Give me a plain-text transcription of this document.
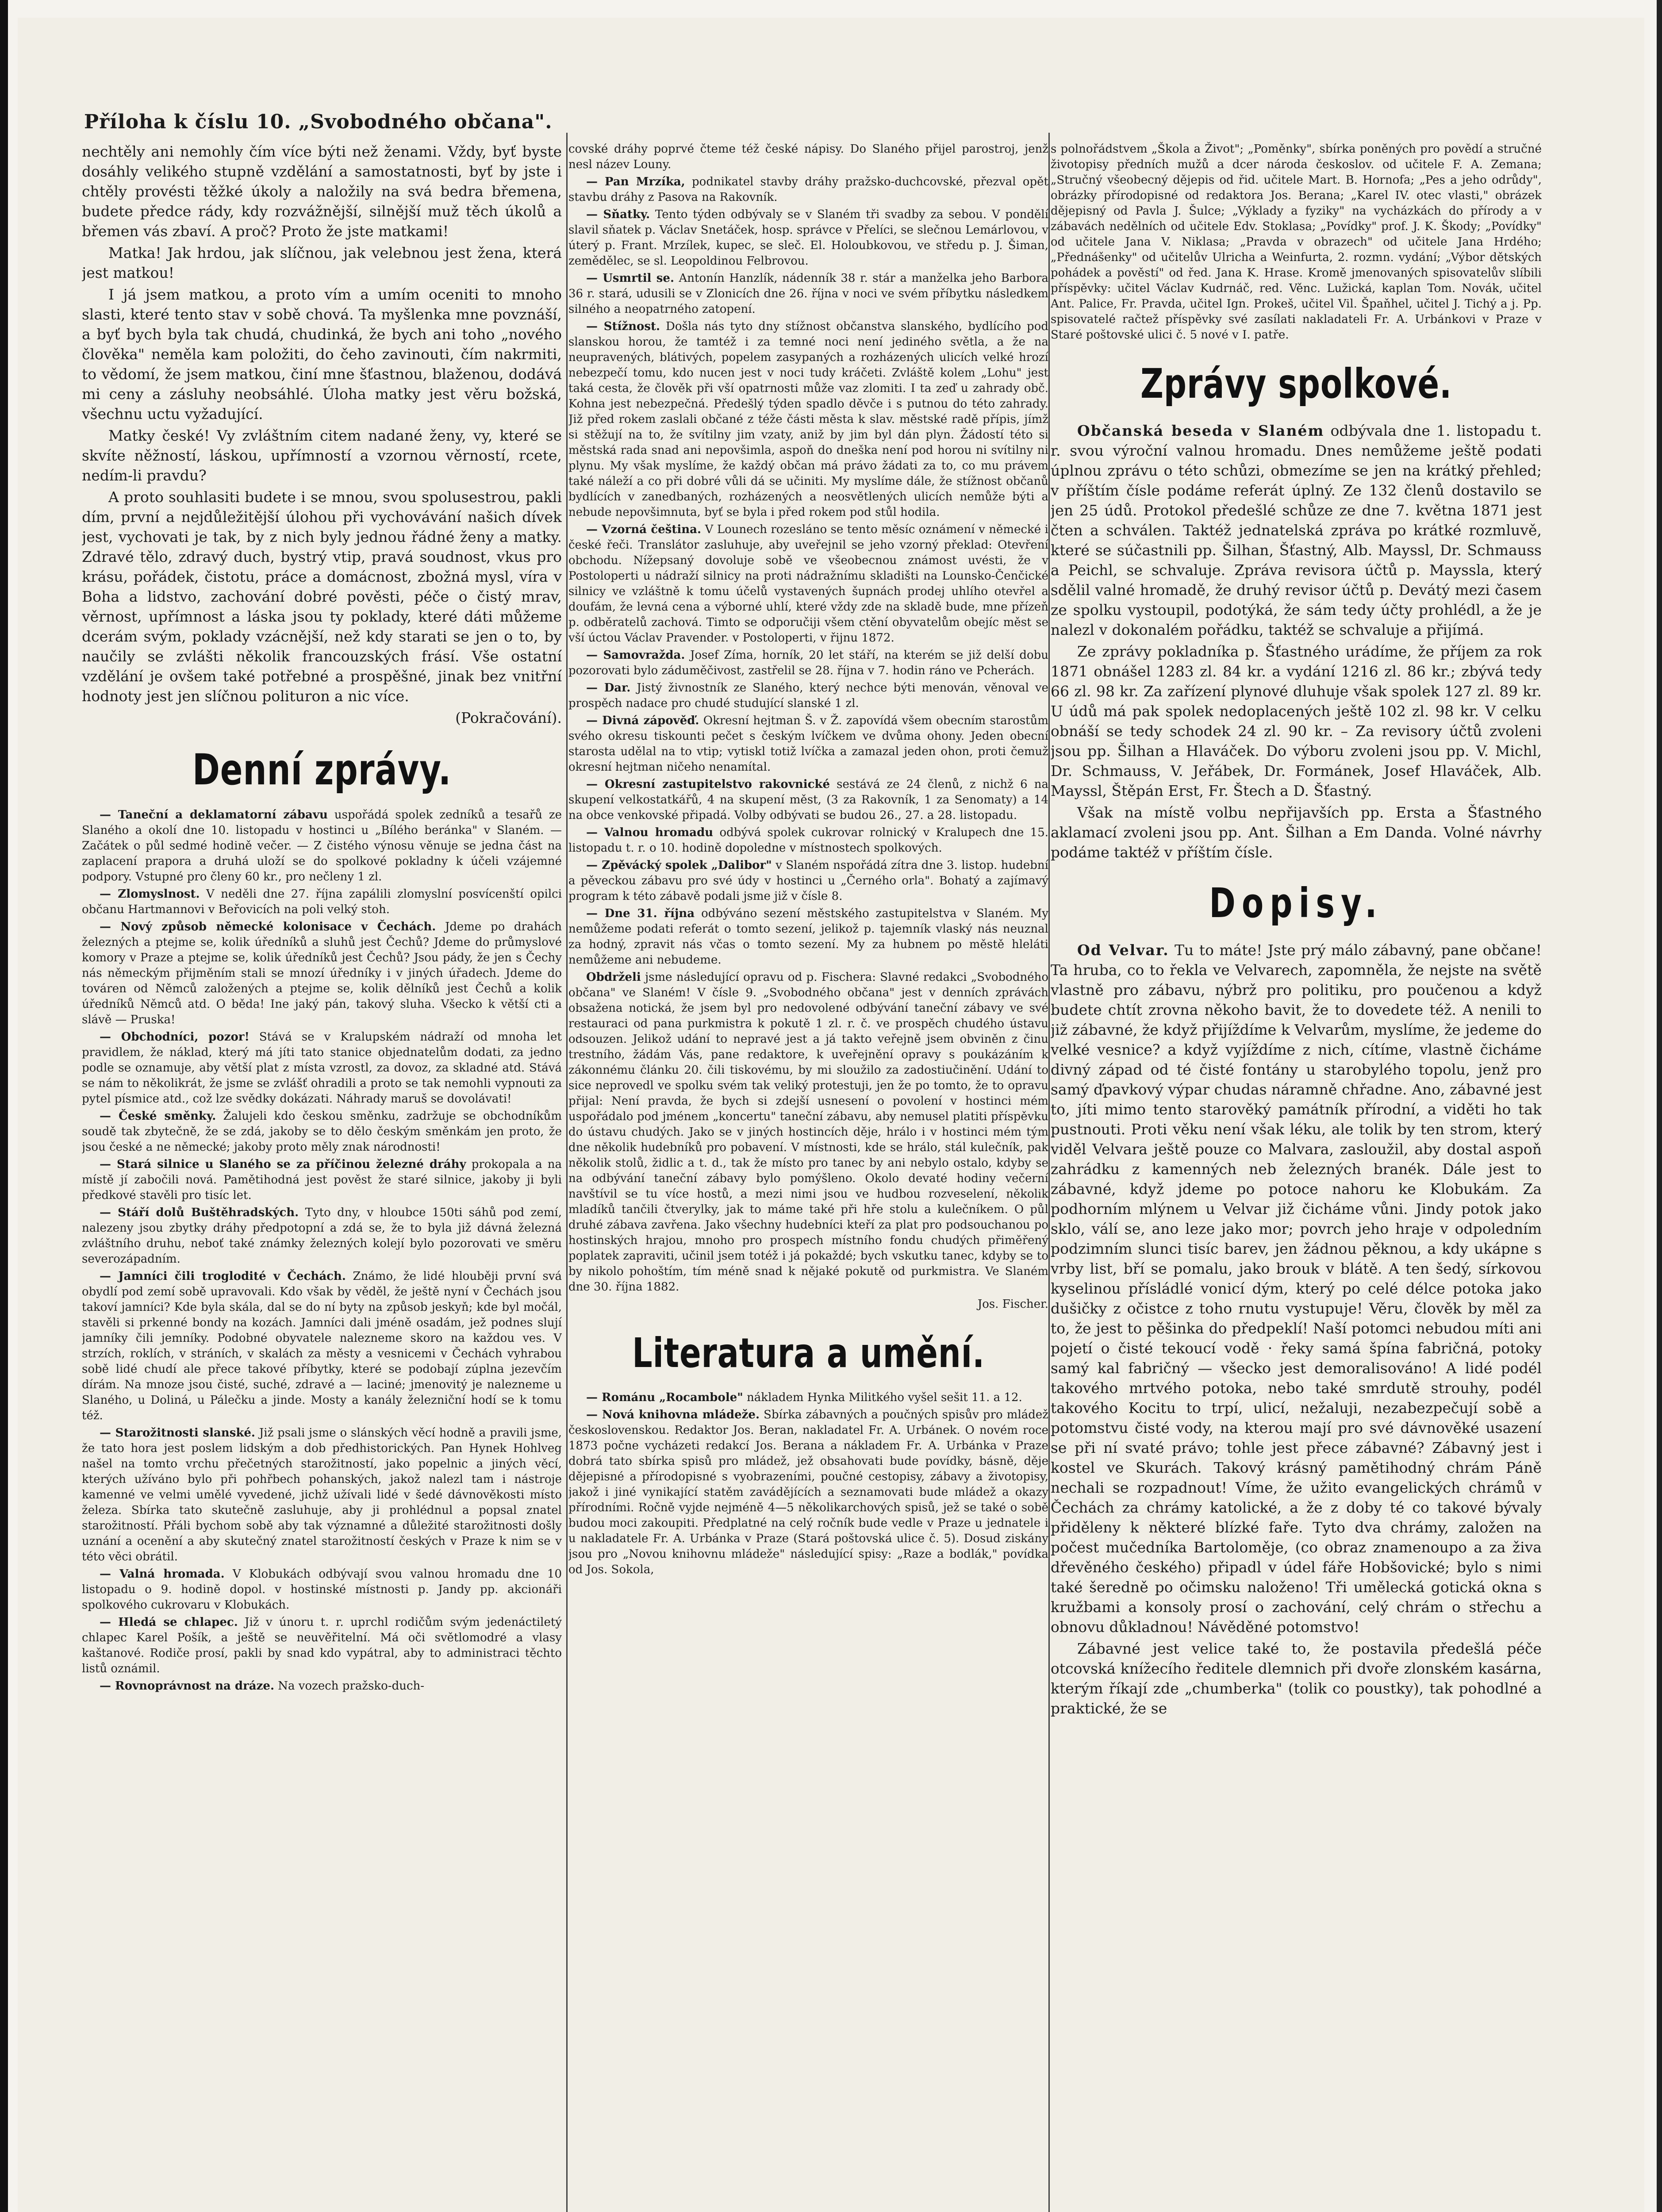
Příloha k číslu 10. „Svobodného občana".

nechtěly ani nemohly čím více býti než ženami. Vždy, byť byste dosáhly velikého stupně vzdělání a samostatnosti, byť by jste i chtěly provésti těžké úkoly a naložily na svá bedra břemena, budete předce rády, kdy rozvážnější, silnější muž těch úkolů a břemen vás zbaví. A proč? Proto že jste matkami!

Matka! Jak hrdou, jak slíčnou, jak velebnou jest žena, která jest matkou!

I já jsem matkou, a proto vím a umím oceniti to mnoho slasti, které tento stav v sobě chová. Ta myšlenka mne povznáší, a byť bych byla tak chudá, chudinká, že bych ani toho „nového člověka" neměla kam položiti, do čeho zavinouti, čím nakrmiti, to vědomí, že jsem matkou, činí mne šťastnou, blaženou, dodává mi ceny a zásluhy neobsáhlé. Úloha matky jest věru božská, všechnu uctu vyžadující.

Matky české! Vy zvláštním citem nadané ženy, vy, které se skvíte něžností, láskou, upřímností a vzornou věrností, rcete, nedím-li pravdu?

A proto souhlasiti budete i se mnou, svou spolusestrou, pakli dím, první a nejdůležitější úlohou při vychovávání našich dívek jest, vychovati je tak, by z nich byly jednou řádné ženy a matky. Zdravé tělo, zdravý duch, bystrý vtip, pravá soudnost, vkus pro krásu, pořádek, čistotu, práce a domácnost, zbožná mysl, víra v Boha a lidstvo, zachování dobré pověsti, péče o čistý mrav, věrnost, upřímnost a láska jsou ty poklady, které dáti můžeme dcerám svým, poklady vzácnější, než kdy starati se jen o to, by naučily se zvlášti několik francouzských frásí. Vše ostatní vzdělání je ovšem také potřebné a prospěšné, jinak bez vnitřní hodnoty jest jen slíčnou polituron a nic více.

(Pokračování).
Denní zprávy.

— Taneční a deklamatorní zábavu uspořádá spolek zedníků a tesařů ze Slaného a okolí dne 10. listopadu v hostinci u „Bílého beránka" v Slaném. — Začátek o půl sedmé hodině večer. — Z čistého výnosu věnuje se jedna část na zaplacení prapora a druhá uloží se do spolkové pokladny k účeli vzájemné podpory. Vstupné pro členy 60 kr., pro nečleny 1 zl.

— Zlomyslnost. V neděli dne 27. října zapálili zlomyslní posvícenští opilci občanu Hartmannovi v Beřovicích na poli velký stoh.

— Nový způsob německé kolonisace v Čechách. Jdeme po drahách železných a ptejme se, kolik úředníků a sluhů jest Čechů? Jdeme do průmyslové komory v Praze a ptejme se, kolik úředníků jest Čechů? Jsou pády, že jen s Čechy nás německým přijměním stali se mnozí úředníky i v jiných úřadech. Jdeme do továren od Němců založených a ptejme se, kolik dělníků jest Čechů a kolik úředníků Němců atd. O běda! Ine jaký pán, takový sluha. Všecko k větší cti a slávě — Pruska!

— Obchodníci, pozor! Stává se v Kralupském nádraží od mnoha let pravidlem, že náklad, který má jíti tato stanice objednatelům dodati, za jedno podle se oznamuje, aby větší plat z místa vzrostl, za dovoz, za skladné atd. Stává se nám to několikrát, že jsme se zvlášť ohradili a proto se tak nemohli vypnouti za pytel písmice atd., což lze svědky dokázati. Náhrady maruš se dovolávati!

— České směnky. Žalujeli kdo českou směnku, zadržuje se obchodníkům soudě tak zbytečně, že se zdá, jakoby se to dělo českým směnkám jen proto, že jsou české a ne německé; jakoby proto měly znak národnosti!

— Stará silnice u Slaného se za příčinou železné dráhy prokopala a na místě jí zabočili nová. Pamětihodná jest pověst že staré silnice, jakoby ji byli předkové stavěli pro tisíc let.

— Stáří dolů Buštěhradských. Tyto dny, v hloubce 150ti sáhů pod zemí, nalezeny jsou zbytky dráhy předpotopní a zdá se, že to byla již dávná železná zvláštního druhu, neboť také známky železných kolejí bylo pozorovati ve směru severozápadním.

— Jamníci čili troglodité v Čechách. Známo, že lidé hlouběji první svá obydlí pod zemí sobě upravovali. Kdo však by věděl, že ještě nyní v Čechách jsou takoví jamníci? Kde byla skála, dal se do ní byty na způsob jeskyň; kde byl močál, stavěli si prkenné bondy na kozách. Jamníci dali jméně osadám, jež podnes slují jamníky čili jemníky. Podobné obyvatele nalezneme skoro na každou ves. V strzích, roklích, v stráních, v skalách za městy a vesnicemi v Čechách vyhrabou sobě lidé chudí ale přece takové příbytky, které se podobají zúplna jezevčím dírám. Na mnoze jsou čisté, suché, zdravé a — laciné; jmenovitý je nalezneme u Slaného, u Doliná, u Pálečku a jinde. Mosty a kanály železniční hodí se k tomu též.

— Starožitnosti slanské. Již psali jsme o slánských věcí hodně a pravili jsme, že tato hora jest poslem lidským a dob předhistorických. Pan Hynek Hohlveg našel na tomto vrchu přečetných starožitností, jako popelnic a jiných věcí, kterých užíváno bylo při pohřbech pohanských, jakož nalezl tam i nástroje kamenné ve velmi umělé vyvedené, jichž užívali lidé v šedé dávnověkosti místo železa. Sbírka tato skutečně zasluhuje, aby ji prohlédnul a popsal znatel starožitností. Přáli bychom sobě aby tak významné a důležité starožitnosti došly uznání a ocenění a aby skutečný znatel starožitností českých v Praze k nim se v této věci obrátil.

— Valná hromada. V Klobukách odbývají svou valnou hromadu dne 10 listopadu o 9. hodině dopol. v hostinské místnosti p. Jandy pp. akcionáři spolkového cukrovaru v Klobukách.

— Hledá se chlapec. Již v únoru t. r. uprchl rodičům svým jedenáctiletý chlapec Karel Pošík, a ještě se neuvěřitelní. Má oči světlomodré a vlasy kaštanové. Rodiče prosí, pakli by snad kdo vypátral, aby to administraci těchto listů oznámil.

— Rovnoprávnost na dráze. Na vozech pražsko-duch-

covské dráhy poprvé čteme též české nápisy. Do Slaného přijel parostroj, jenž nesl název Louny.

— Pan Mrzíka, podnikatel stavby dráhy pražsko-duchcovské, přezval opět stavbu dráhy z Pasova na Rakovník.

— Sňatky. Tento týden odbývaly se v Slaném tři svadby za sebou. V pondělí slavil sňatek p. Václav Snetáček, hosp. správce v Přelíci, se slečnou Lemárlovou, v úterý p. Frant. Mrzílek, kupec, se sleč. El. Holoubkovou, ve středu p. J. Šiman, zemědělec, se sl. Leopoldinou Felbrovou.

— Usmrtil se. Antonín Hanzlík, nádenník 38 r. stár a manželka jeho Barbora 36 r. stará, udusili se v Zlonicích dne 26. října v noci ve svém příbytku následkem silného a neopatrného zatopení.

— Stížnost. Došla nás tyto dny stížnost občanstva slanského, bydlícího pod slanskou horou, že tamtéž i za temné noci není jediného světla, a že na neupravených, blátivých, popelem zasypaných a rozházených ulicích velké hrozí nebezpečí tomu, kdo nucen jest v noci tudy kráčeti. Zvláště kolem „Lohu" jest taká cesta, že člověk při vší opatrnosti může vaz zlomiti. I ta zeď u zahrady obč. Kohna jest nebezpečná. Předešlý týden spadlo děvče i s putnou do této zahrady. Již před rokem zaslali občané z téže části města k slav. městské radě přípis, jímž si stěžují na to, že svítilny jim vzaty, aniž by jim byl dán plyn. Žádostí této si městská rada snad ani nepovšimla, aspoň do dneška není pod horou ni svítilny ni plynu. My však myslíme, že každý občan má právo žádati za to, co mu právem také náleží a co při dobré vůli dá se učiniti. My myslíme dále, že stížnost občanů bydlících v zanedbaných, rozházených a neosvětlených ulicích nemůže býti a nebude nepovšimnuta, byť se byla i před rokem pod stůl hodila.

— Vzorná čeština. V Lounech rozesláno se tento měsíc oznámení v německé i české řeči. Translátor zasluhuje, aby uveřejnil se jeho vzorný překlad: Otevření obchodu. Nížepsaný dovoluje sobě ve všeobecnou známost uvésti, že v Postoloperti u nádraží silnicy na proti nádražnímu skladišti na Lounsko-Čenčické silnicy ve vzláštně k tomu účelů vystavených šupnách prodej uhlího otevřel a doufám, že levná cena a výborné uhlí, které vždy zde na skladě bude, mne přízeň p. odběratelů zachová. Timto se odporučiji všem ctění obyvatelům obejíc měst se vší úctou Václav Pravender. v Postoloperti, v řijnu 1872.

— Samovražda. Josef Zíma, horník, 20 let stáří, na kterém se již delší dobu pozorovati bylo záduměčivost, zastřelil se 28. října v 7. hodin ráno ve Pcherách.

— Dar. Jistý živnostník ze Slaného, který nechce býti menován, věnoval ve prospěch nadace pro chudé studující slanské 1 zl.

— Divná zápověď. Okresní hejtman Š. v Ž. zapovídá všem obecním starostům svého okresu tiskounti pečet s českým lvíčkem ve dvůma ohony. Jeden obecní starosta udělal na to vtip; vytiskl totiž lvíčka a zamazal jeden ohon, proti čemuž okresní hejtman ničeho nenamítal.

— Okresní zastupitelstvo rakovnické sestává ze 24 členů, z nichž 6 na skupení velkostatkářů, 4 na skupení měst, (3 za Rakovník, 1 za Senomaty) a 14 na obce venkovské připadá. Volby odbývati se budou 26., 27. a 28. listopadu.

— Valnou hromadu odbývá spolek cukrovar rolnický v Kralupech dne 15. listopadu t. r. o 10. hodině dopoledne v místnostech spolkových.

— Zpěvácký spolek „Dalibor" v Slaném nspořádá zítra dne 3. listop. hudební a pěveckou zábavu pro své údy v hostinci u „Černého orla". Bohatý a zajímavý program k této zábavě podali jsme již v čísle 8.

— Dne 31. října odbýváno sezení městského zastupitelstva v Slaném. My nemůžeme podati referát o tomto sezení, jelikož p. tajemník vlaský nás neuznal za hodný, zpravit nás včas o tomto sezení. My za hubnem po městě hleláti nemůžeme ani nebudeme.

Obdrželi jsme následující opravu od p. Fischera: Slavné redakci „Svobodného občana" ve Slaném! V čísle 9. „Svobodného občana" jest v denních zprávách obsažena notická, že jsem byl pro nedovolené odbývání taneční zábavy ve své restauraci od pana purkmistra k pokutě 1 zl. r. č. ve prospěch chudého ústavu odsouzen. Jelikož udání to nepravé jest a já takto veřejně jsem obviněn z činu trestního, žádám Vás, pane redaktore, k uveřejnění opravy s poukázáním k zákonnému článku 20. čili tiskovému, by mi sloužilo za zadostiučinění. Udání to sice neprovedl ve spolku svém tak veliký protestuji, jen že po tomto, že to opravu přijal: Není pravda, že bych si zdejší usnesení o povolení v hostinci mém uspořádalo pod jménem „koncertu" taneční zábavu, aby nemusel platiti příspěvku do ústavu chudých. Jako se v jiných hostincích děje, hrálo i v hostinci mém tým dne několik hudebníků pro pobavení. V místnosti, kde se hrálo, stál kulečník, pak několik stolů, židlic a t. d., tak že místo pro tanec by ani nebylo ostalo, kdyby se na odbývání taneční zábavy bylo pomýšleno. Okolo devaté hodiny večerní navštívil se tu více hostů, a mezi nimi jsou ve hudbou rozveselení, několik mladíků tančili čtverylky, jak to máme také při hře stolu a kulečníkem. O půl druhé zábava zavřena. Jako všechny hudebníci kteří za plat pro podsouchanou po hostinských hrajou, mnoho pro prospech místního fondu chudých přiměřený poplatek zapraviti, učinil jsem totéž i já pokaždé; bych vskutku tanec, kdyby se to by nikolo pohoštím, tím méně snad k nějaké pokutě od purkmistra. Ve Slaném dne 30. října 1882.

Jos. Fischer.
Literatura a umění.

— Románu „Rocambole" nákladem Hynka Militkého vyšel sešit 11. a 12.

— Nová knihovna mládeže. Sbírka zábavných a poučných spisův pro mládež československou. Redaktor Jos. Beran, nakladatel Fr. A. Urbánek. O novém roce 1873 počne vycházeti redakcí Jos. Berana a nákladem Fr. A. Urbánka v Praze dobrá tato sbírka spisů pro mládež, jež obsahovati bude povídky, básně, děje dějepisné a přírodopisné s vyobrazeními, poučné cestopisy, zábavy a životopisy, jakož i jiné vynikající statěm zavádějících a seznamovati bude mládež a okazy přírodními. Ročně vyjde nejméně 4—5 několikarchových spisů, jež se také o sobě budou moci zakoupiti. Předplatné na celý ročník bude vedle v Praze u jednatele i u nakladatele Fr. A. Urbánka v Praze (Stará poštovská ulice č. 5). Dosud ziskány jsou pro „Novou knihovnu mládeže" následující spisy: „Raze a bodlák," povídka od Jos. Sokola,

s polnořádstvem „Škola a Život"; „Poměnky", sbírka poněných pro povědí a stručné životopisy předních mužů a dcer národa českoslov. od učitele F. A. Zemana; „Stručný všeobecný dějepis od řid. učitele Mart. B. Hornofa; „Pes a jeho odrůdy", obrázky přírodopisné od redaktora Jos. Berana; „Karel IV. otec vlasti," obrázek dějepisný od Pavla J. Šulce; „Výklady a fyziky" na vycházkách do přírody a v zábavách nedělních od učitele Edv. Stoklasa; „Povídky" prof. J. K. Škody; „Povídky" od učitele Jana V. Niklasa; „Pravda v obrazech" od učitele Jana Hrdého; „Přednášenky" od učitelův Ulricha a Weinfurta, 2. rozmn. vydání; „Výbor dětských pohádek a pověstí" od řed. Jana K. Hrase. Kromě jmenovaných spisovatelův slíbili příspěvky: učitel Václav Kudrnáč, red. Věnc. Lužická, kaplan Tom. Novák, učitel Ant. Palice, Fr. Pravda, učitel Ign. Prokeš, učitel Vil. Špaňhel, učitel J. Tichý a j. Pp. spisovatelé račtež příspěvky své zasílati nakladateli Fr. A. Urbánkovi v Praze v Staré poštovské ulici č. 5 nové v I. patře.

Zprávy spolkové.

Občanská beseda v Slaném odbývala dne 1. listopadu t. r. svou výroční valnou hromadu. Dnes nemůžeme ještě podati úplnou zprávu o této schůzi, obmezíme se jen na krátký přehled; v příštím čísle podáme referát úplný. Ze 132 členů dostavilo se jen 25 údů. Protokol předešlé schůze ze dne 7. května 1871 jest čten a schválen. Taktéž jednatelská zpráva po krátké rozmluvě, které se súčastnili pp. Šilhan, Šťastný, Alb. Mayssl, Dr. Schmauss a Peichl, se schvaluje. Zpráva revisora účtů p. Mayssla, který sdělil valné hromadě, že druhý revisor účtů p. Devátý mezi časem ze spolku vystoupil, podotýká, že sám tedy účty prohlédl, a že je nalezl v dokonalém pořádku, taktéž se schvaluje a přijímá.

Ze zprávy pokladníka p. Šťastného urádíme, že příjem za rok 1871 obnášel 1283 zl. 84 kr. a vydání 1216 zl. 86 kr.; zbývá tedy 66 zl. 98 kr. Za zařízení plynové dluhuje však spolek 127 zl. 89 kr. U údů má pak spolek nedoplacených ještě 102 zl. 98 kr. V celku obnáší se tedy schodek 24 zl. 90 kr. – Za revisory účtů zvoleni jsou pp. Šilhan a Hlaváček. Do výboru zvoleni jsou pp. V. Michl, Dr. Schmauss, V. Jeřábek, Dr. Formánek, Josef Hlaváček, Alb. Mayssl, Štěpán Erst, Fr. Štech a D. Šťastný.

Však na místě volbu nepřijavších pp. Ersta a Šťastného aklamací zvoleni jsou pp. Ant. Šilhan a Em Danda. Volné návrhy podáme taktéž v příštím čísle.

Dopisy.

Od Velvar. Tu to máte! Jste prý málo zábavný, pane občane! Ta hruba, co to řekla ve Velvarech, zapomněla, že nejste na světě vlastně pro zábavu, nýbrž pro politiku, pro poučenou a když budete chtít zrovna někoho bavit, že to dovedete též. A nenili to již zábavné, že když přijíždíme k Velvarům, myslíme, že jedeme do velké vesnice? a když vyjíždíme z nich, cítíme, vlastně čicháme divný západ od té čisté fontány u starobylého topolu, jenž pro samý ďpavkový výpar chudas náramně chřadne. Ano, zábavné jest to, jíti mimo tento starověký památník přírodní, a viděti ho tak pustnouti. Proti věku není však léku, ale tolik by ten strom, který viděl Velvara ještě pouze co Malvara, zasloužil, aby dostal aspoň zahrádku z kamenných neb železných branék. Dále jest to zábavné, když jdeme po potoce nahoru ke Klobukám. Za podhorním mlýnem u Velvar již čicháme vůni. Jindy potok jako sklo, válí se, ano leze jako mor; povrch jeho hraje v odpoledním podzimním slunci tisíc barev, jen žádnou pěknou, a kdy ukápne s vrby list, bří se pomalu, jako brouk v blátě. A ten šedý, sírkovou kyselinou přísládlé vonicí dým, který po celé délce potoka jako dušičky z očistce z toho rnutu vystupuje! Věru, člověk by měl za to, že jest to pěšinka do předpeklí! Naší potomci nebudou míti ani pojetí o čisté tekoucí vodě · řeky samá špína fabričná, potoky samý kal fabričný — všecko jest demoralisováno! A lidé podél takového mrtvého potoka, nebo také smrdutě strouhy, podél takového Kocitu to trpí, ulicí, nežaluji, nezabezpečují sobě a potomstvu čisté vody, na kterou mají pro své dávnověké usazení se při ní svaté právo; tohle jest přece zábavné? Zábavný jest i kostel ve Skurách. Takový krásný pamětihodný chrám Páně nechali se rozpadnout! Víme, že užito evangelických chrámů v Čechách za chrámy katolické, a že z doby té co takové bývaly přiděleny k některé blízké faře. Tyto dva chrámy, založen na počest mučedníka Bartoloměje, (co obraz znamenoupo a za živa dřevěného českého) připadl v údel fáře Hobšovické; bylo s nimi také šeredně po očimsku naloženo! Tři umělecká gotická okna s kružbami a konsoly prosí o zachování, celý chrám o střechu a obnovu důkladnou! Návěděné potomstvo!

Zábavné jest velice také to, že postavila předešlá péče otcovská knížecího ředitele dlemnich při dvoře zlonském kasárna, kterým říkají zde „chumberka" (tolik co poustky), tak pohodlné a praktické, že se
